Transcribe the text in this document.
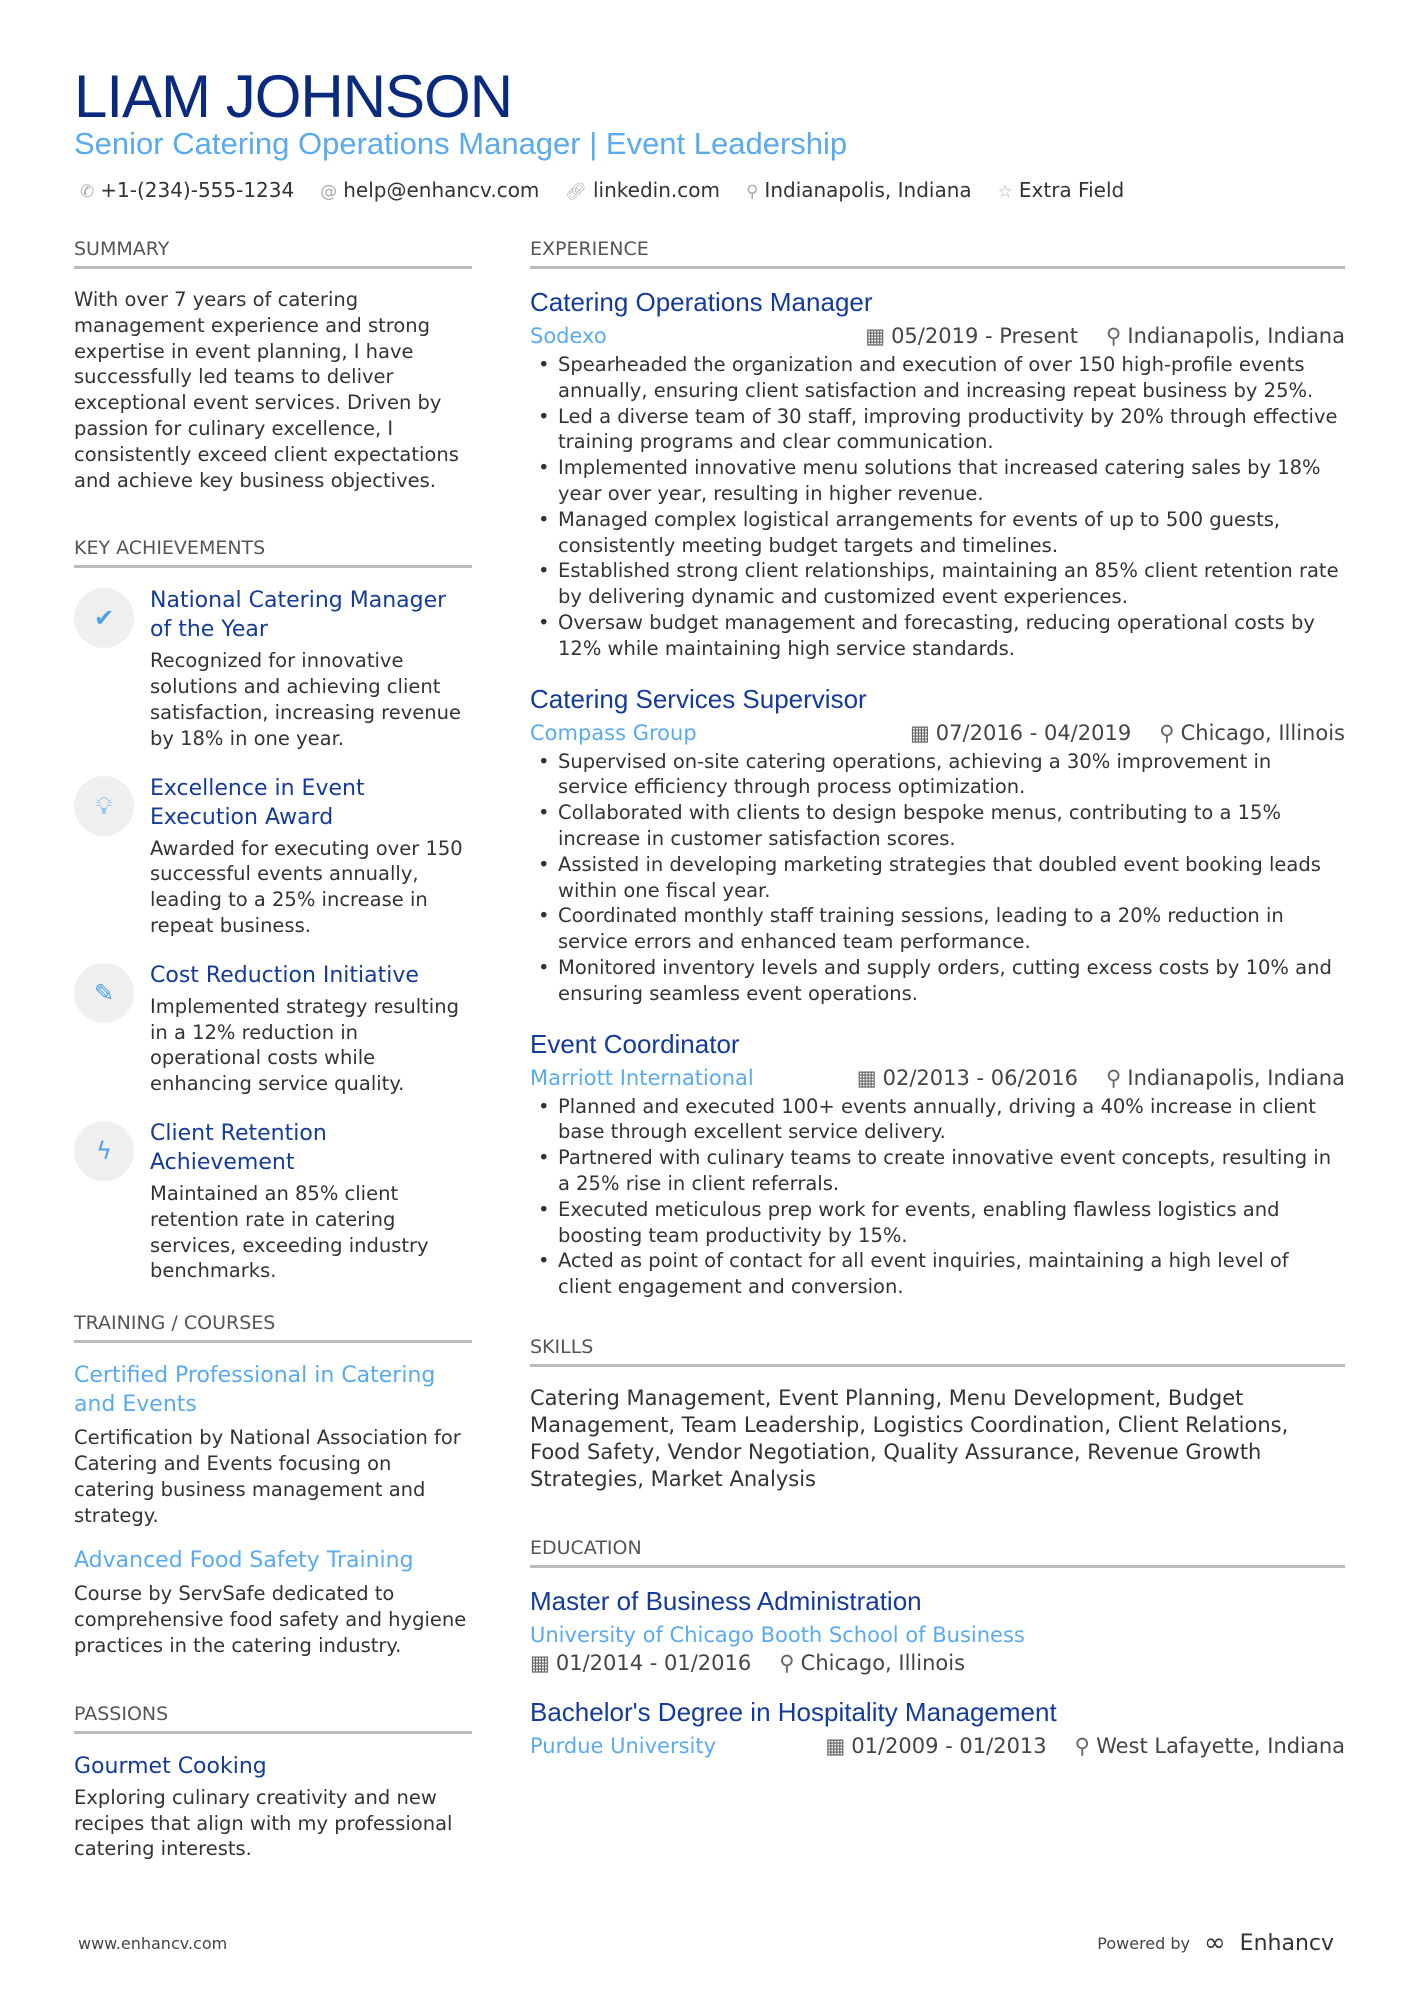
LIAM JOHNSON
Senior Catering Operations Manager | Event Leadership
✆ +1-(234)-555-1234 @ help@enhancv.com 🔗︎ linkedin.com ⚲ Indianapolis, Indiana ☆ Extra Field
SUMMARY
With over 7 years of catering management experience and strong expertise in event planning, I have successfully led teams to deliver exceptional event services. Driven by passion for culinary excellence, I consistently exceed client expectations and achieve key business objectives.
KEY ACHIEVEMENTS
✔
National Catering Manager of the Year
Recognized for innovative solutions and achieving client satisfaction, increasing revenue by 18% in one year.
💡︎
Excellence in Event Execution Award
Awarded for executing over 150 successful events annually, leading to a 25% increase in repeat business.
✎
Cost Reduction Initiative
Implemented strategy resulting in a 12% reduction in operational costs while enhancing service quality.
ϟ
Client Retention Achievement
Maintained an 85% client retention rate in catering services, exceeding industry benchmarks.
TRAINING / COURSES
Certified Professional in Catering and Events
Certification by National Association for Catering and Events focusing on catering business management and strategy.
Advanced Food Safety Training
Course by ServSafe dedicated to comprehensive food safety and hygiene practices in the catering industry.
PASSIONS
Gourmet Cooking
Exploring culinary creativity and new recipes that align with my professional catering interests.
EXPERIENCE
Catering Operations Manager
Sodexo	▦ 05/2019 - Present ⚲ Indianapolis, Indiana
• Spearheaded the organization and execution of over 150 high-profile events annually, ensuring client satisfaction and increasing repeat business by 25%.
• Led a diverse team of 30 staff, improving productivity by 20% through effective training programs and clear communication.
• Implemented innovative menu solutions that increased catering sales by 18% year over year, resulting in higher revenue.
• Managed complex logistical arrangements for events of up to 500 guests, consistently meeting budget targets and timelines.
• Established strong client relationships, maintaining an 85% client retention rate by delivering dynamic and customized event experiences.
• Oversaw budget management and forecasting, reducing operational costs by 12% while maintaining high service standards.
Catering Services Supervisor
Compass Group	▦ 07/2016 - 04/2019 ⚲ Chicago, Illinois
• Supervised on-site catering operations, achieving a 30% improvement in service efficiency through process optimization.
• Collaborated with clients to design bespoke menus, contributing to a 15% increase in customer satisfaction scores.
• Assisted in developing marketing strategies that doubled event booking leads within one fiscal year.
• Coordinated monthly staff training sessions, leading to a 20% reduction in service errors and enhanced team performance.
• Monitored inventory levels and supply orders, cutting excess costs by 10% and ensuring seamless event operations.
Event Coordinator
Marriott International	▦ 02/2013 - 06/2016 ⚲ Indianapolis, Indiana
• Planned and executed 100+ events annually, driving a 40% increase in client base through excellent service delivery.
• Partnered with culinary teams to create innovative event concepts, resulting in a 25% rise in client referrals.
• Executed meticulous prep work for events, enabling flawless logistics and boosting team productivity by 15%.
• Acted as point of contact for all event inquiries, maintaining a high level of client engagement and conversion.
SKILLS
Catering Management, Event Planning, Menu Development, Budget Management, Team Leadership, Logistics Coordination, Client Relations, Food Safety, Vendor Negotiation, Quality Assurance, Revenue Growth Strategies, Market Analysis
EDUCATION
Master of Business Administration
University of Chicago Booth School of Business
▦ 01/2014 - 01/2016 ⚲ Chicago, Illinois
Bachelor's Degree in Hospitality Management
Purdue University	▦ 01/2009 - 01/2013 ⚲ West Lafayette, Indiana
www.enhancv.com	Powered by ∞ Enhancv
